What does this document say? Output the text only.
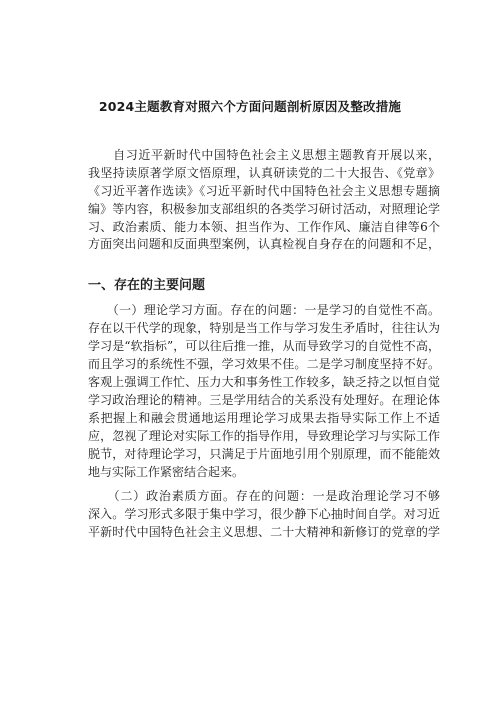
2024主题教育对照六个方面问题剖析原因及整改措施
　　自习近平新时代中国特色社会主义思想主题教育开展以来，
我坚持读原著学原文悟原理，认真研读党的二十大报告、《党章》
《习近平著作选读》《习近平新时代中国特色社会主义思想专题摘
编》等内容，积极参加支部组织的各类学习研讨活动，对照理论学
习、政治素质、能力本领、担当作为、工作作风、廉洁自律等6个
方面突出问题和反面典型案例，认真检视自身存在的问题和不足，
一、存在的主要问题
　　（一）理论学习方面。存在的问题：一是学习的自觉性不高。
存在以干代学的现象，特别是当工作与学习发生矛盾时，往往认为
学习是“软指标”，可以往后推一推，从而导致学习的自觉性不高，
而且学习的系统性不强，学习效果不佳。二是学习制度坚持不好。
客观上强调工作忙、压力大和事务性工作较多，缺乏持之以恒自觉
学习政治理论的精神。三是学用结合的关系没有处理好。在理论体
系把握上和融会贯通地运用理论学习成果去指导实际工作上不适
应，忽视了理论对实际工作的指导作用，导致理论学习与实际工作
脱节，对待理论学习，只满足于片面地引用个别原理，而不能能效
地与实际工作紧密结合起来。
　　（二）政治素质方面。存在的问题：一是政治理论学习不够
深入。学习形式多限于集中学习，很少静下心抽时间自学。对习近
平新时代中国特色社会主义思想、二十大精神和新修订的党章的学
